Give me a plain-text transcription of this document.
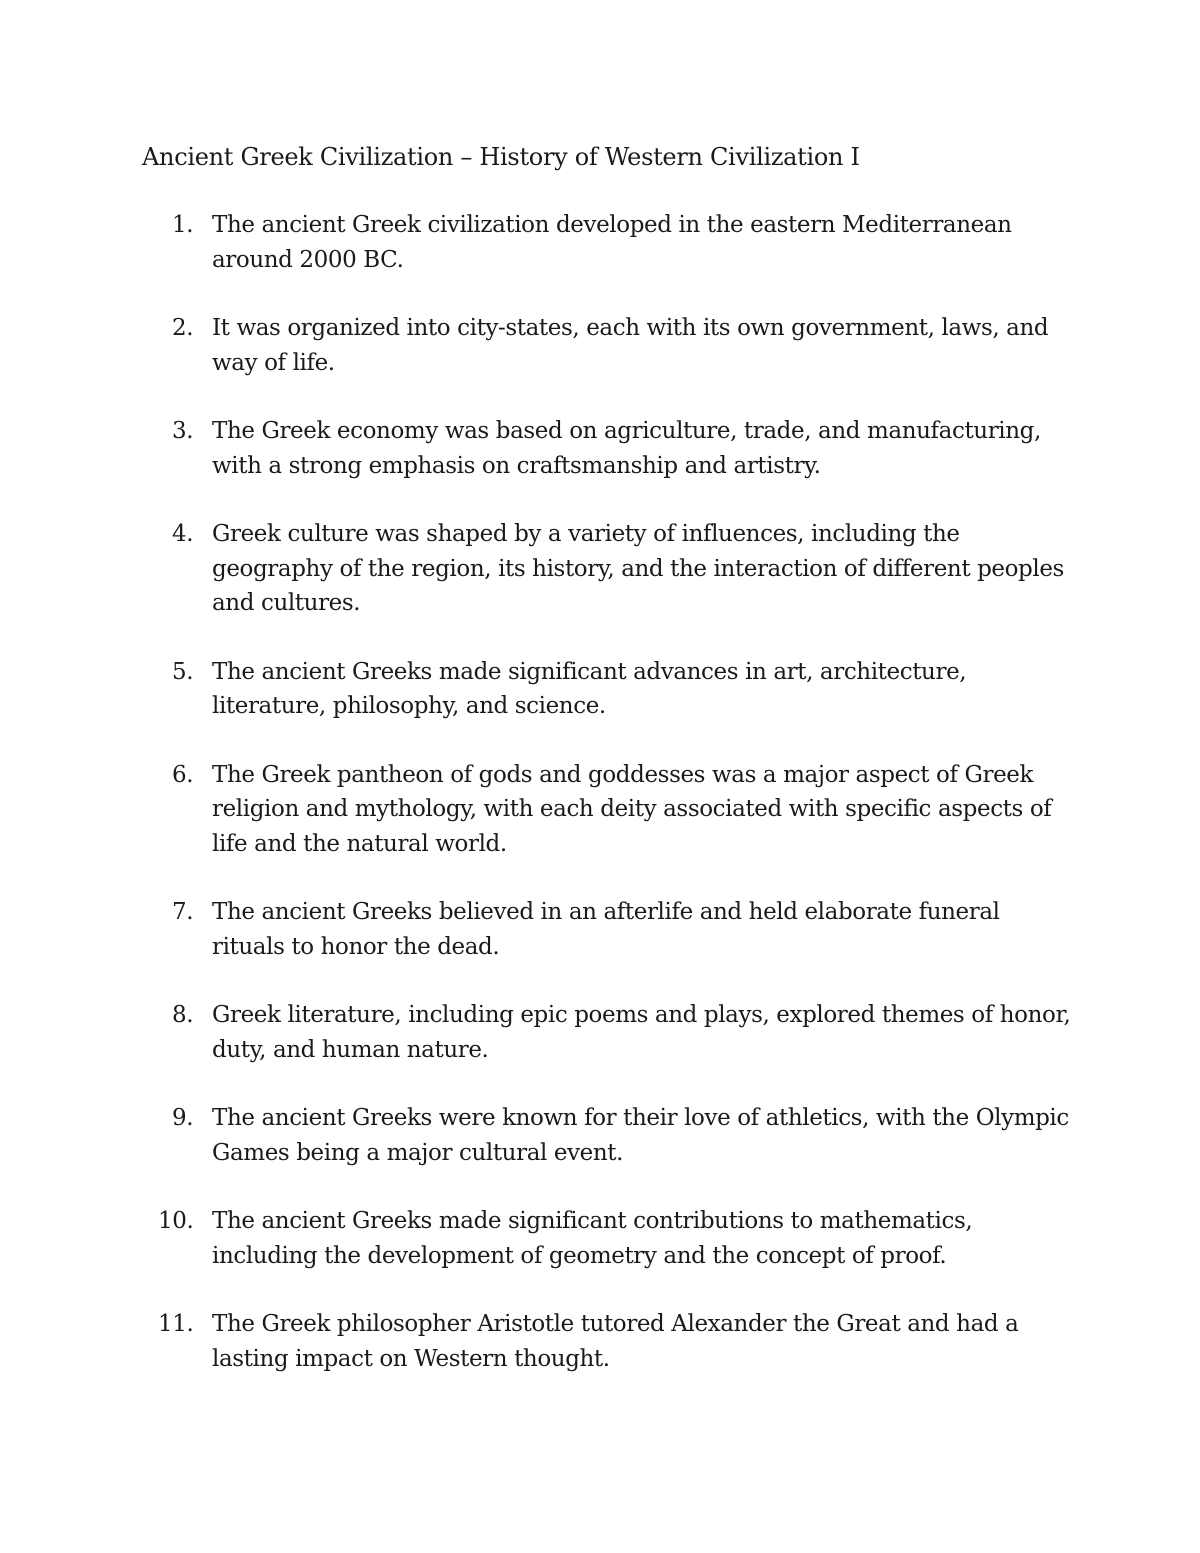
Ancient Greek Civilization – History of Western Civilization I
1. The ancient Greek civilization developed in the eastern Mediterranean around 2000 BC.
2. It was organized into city-states, each with its own government, laws, and way of life.
3. The Greek economy was based on agriculture, trade, and manufacturing, with a strong emphasis on craftsmanship and artistry.
4. Greek culture was shaped by a variety of influences, including the geography of the region, its history, and the interaction of different peoples and cultures.
5. The ancient Greeks made significant advances in art, architecture, literature, philosophy, and science.
6. The Greek pantheon of gods and goddesses was a major aspect of Greek religion and mythology, with each deity associated with specific aspects of life and the natural world.
7. The ancient Greeks believed in an afterlife and held elaborate funeral rituals to honor the dead.
8. Greek literature, including epic poems and plays, explored themes of honor, duty, and human nature.
9. The ancient Greeks were known for their love of athletics, with the Olympic Games being a major cultural event.
10. The ancient Greeks made significant contributions to mathematics, including the development of geometry and the concept of proof.
11. The Greek philosopher Aristotle tutored Alexander the Great and had a lasting impact on Western thought.
